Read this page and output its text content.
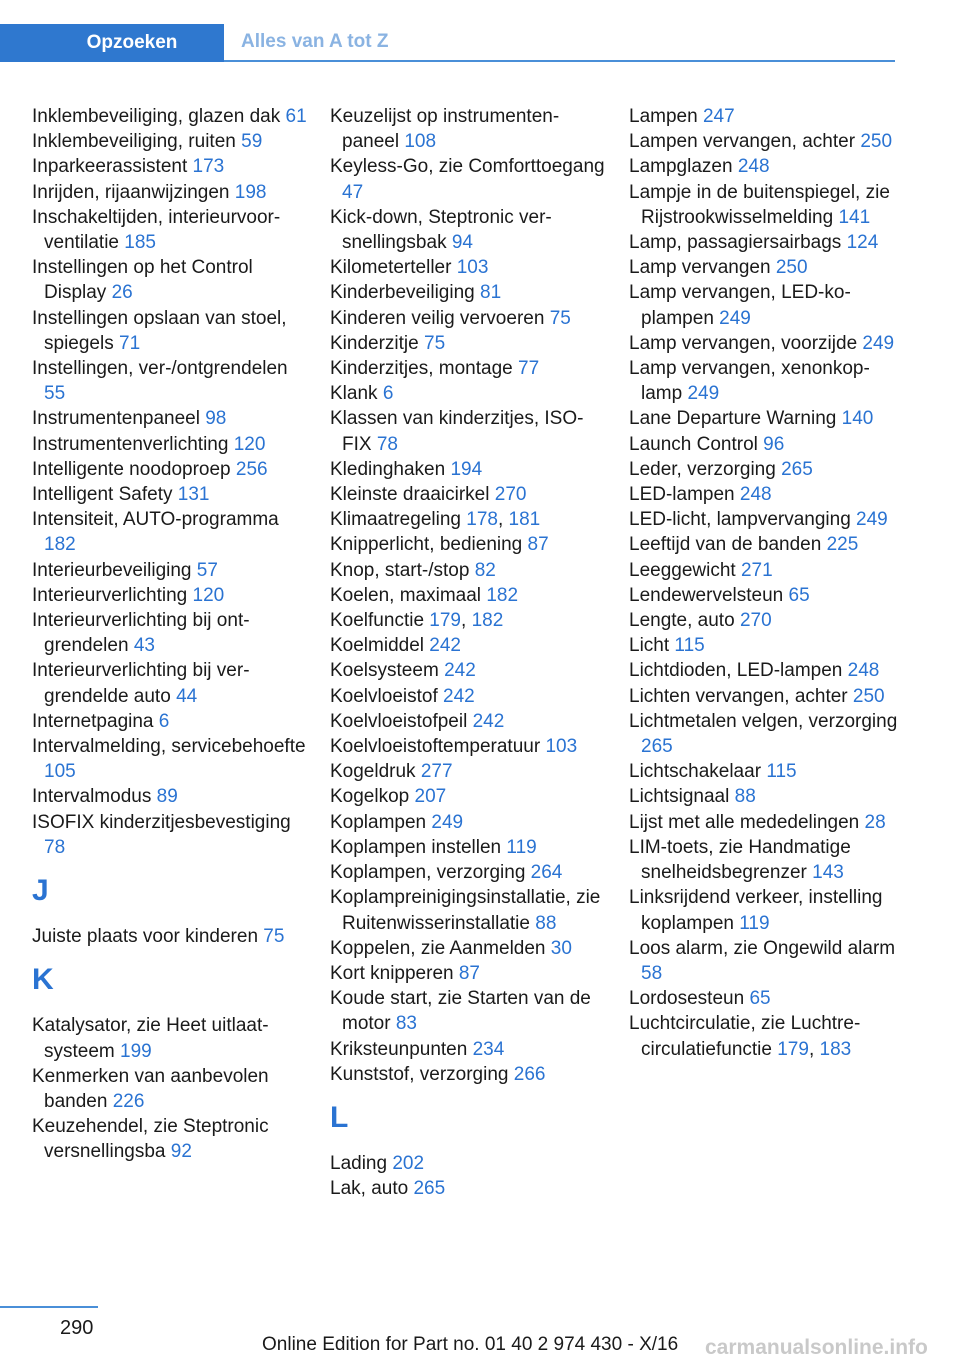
Opzoeken	Alles van A tot Z
Inklembeveiliging, glazen dak 61
Inklembeveiliging, ruiten 59
Inparkeerassistent 173
Inrijden, rijaanwijzingen 198
Inschakeltijden, interieurvoorventilatie 185
Instellingen op het Control Display 26
Instellingen opslaan van stoel, spiegels 71
Instellingen, ver-/ontgrendelen 55
Instrumentenpaneel 98
Instrumentenverlichting 120
Intelligente noodoproep 256
Intelligent Safety 131
Intensiteit, AUTO-programma 182
Interieurbeveiliging 57
Interieurverlichting 120
Interieurverlichting bij ontgrendelen 43
Interieurverlichting bij vergrendelde auto 44
Internetpagina 6
Intervalmelding, servicebehoefte 105
Intervalmodus 89
ISOFIX kinderzitjesbevestiging 78
J
Juiste plaats voor kinderen 75
K
Katalysator, zie Heet uitlaatsysteem 199
Kenmerken van aanbevolen banden 226
Keuzehendel, zie Steptronic versnellingsba 92
Keuzelijst op instrumentenpaneel 108
Keyless-Go, zie Comforttoegang 47
Kick-down, Steptronic versnellingsbak 94
Kilometerteller 103
Kinderbeveiliging 81
Kinderen veilig vervoeren 75
Kinderzitje 75
Kinderzitjes, montage 77
Klank 6
Klassen van kinderzitjes, ISOFIX 78
Kledinghaken 194
Kleinste draaicirkel 270
Klimaatregeling 178, 181
Knipperlicht, bediening 87
Knop, start-/stop 82
Koelen, maximaal 182
Koelfunctie 179, 182
Koelmiddel 242
Koelsysteem 242
Koelvloeistof 242
Koelvloeistofpeil 242
Koelvloeistoftemperatuur 103
Kogeldruk 277
Kogelkop 207
Koplampen 249
Koplampen instellen 119
Koplampen, verzorging 264
Koplampreinigingsinstallatie, zie Ruitenwisserinstallatie 88
Koppelen, zie Aanmelden 30
Kort knipperen 87
Koude start, zie Starten van de motor 83
Kriksteunpunten 234
Kunststof, verzorging 266
L
Lading 202
Lak, auto 265
Lampen 247
Lampen vervangen, achter 250
Lampglazen 248
Lampje in de buitenspiegel, zie Rijstrookwisselmelding 141
Lamp, passagiersairbags 124
Lamp vervangen 250
Lamp vervangen, LED-koplampen 249
Lamp vervangen, voorzijde 249
Lamp vervangen, xenonkoplamp 249
Lane Departure Warning 140
Launch Control 96
Leder, verzorging 265
LED-lampen 248
LED-licht, lampvervanging 249
Leeftijd van de banden 225
Leeggewicht 271
Lendewervelsteun 65
Lengte, auto 270
Licht 115
Lichtdioden, LED-lampen 248
Lichten vervangen, achter 250
Lichtmetalen velgen, verzorging 265
Lichtschakelaar 115
Lichtsignaal 88
Lijst met alle mededelingen 28
LIM-toets, zie Handmatige snelheidsbegrenzer 143
Linksrijdend verkeer, instelling koplampen 119
Loos alarm, zie Ongewild alarm 58
Lordosesteun 65
Luchtcirculatie, zie Luchtrecirculatiefunctie 179, 183
290
Online Edition for Part no. 01 40 2 974 430 - X/16 carmanualsonline.info
